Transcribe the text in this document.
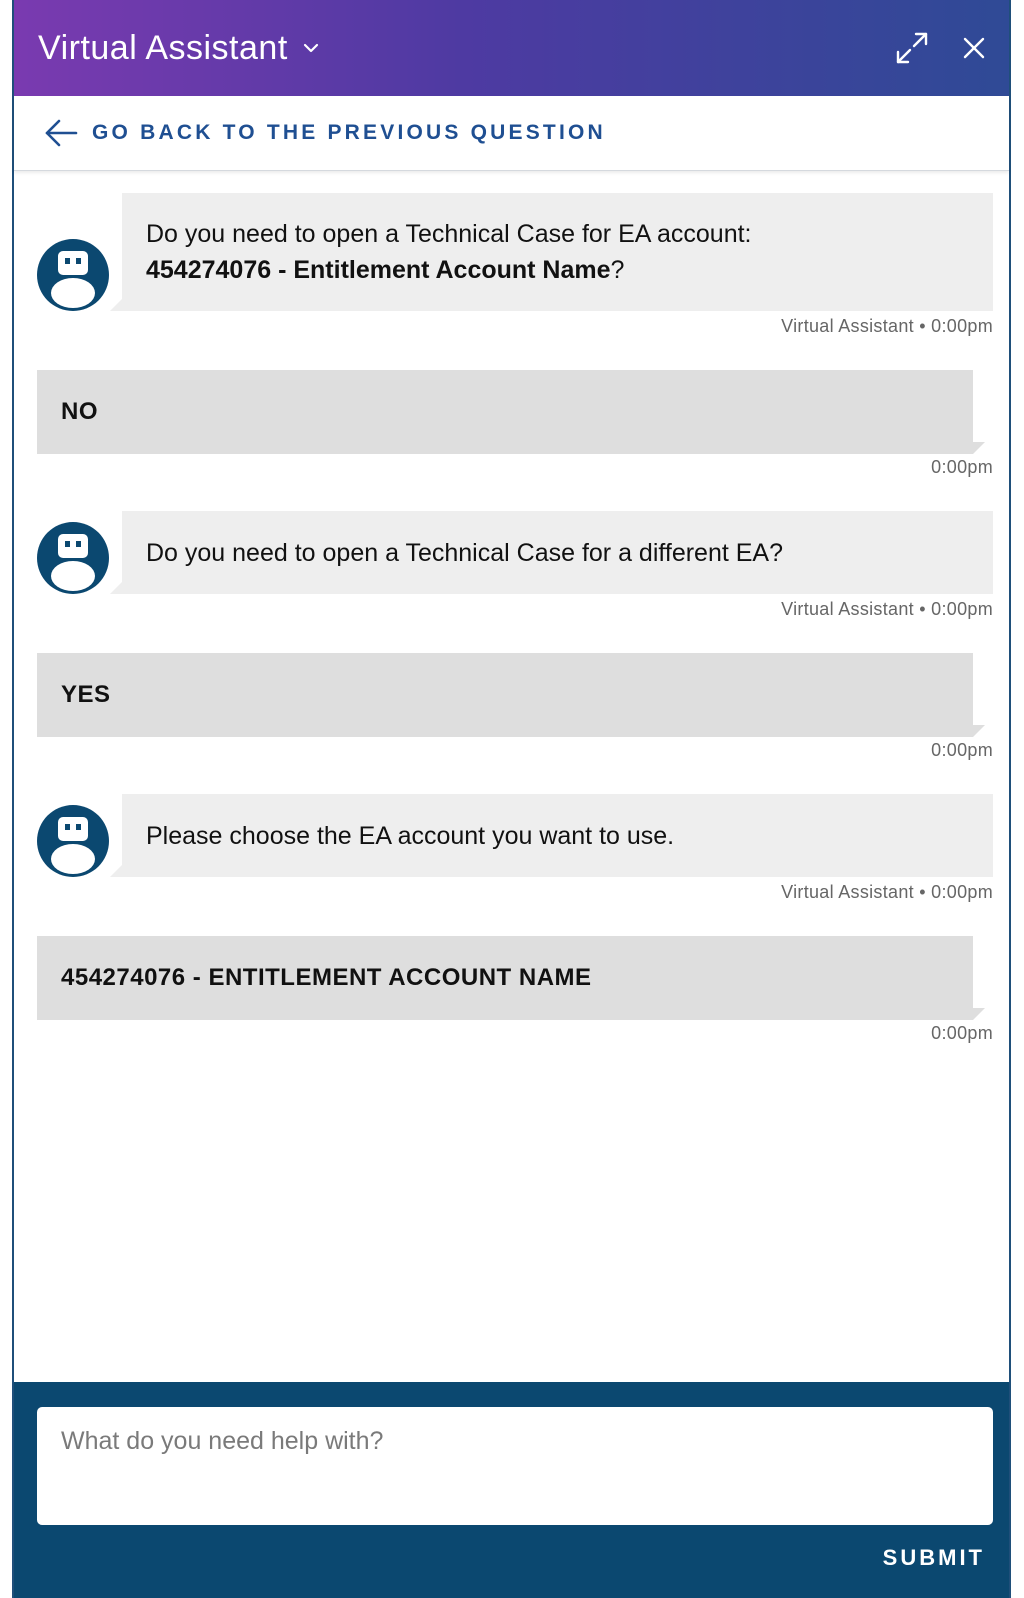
Virtual Assistant
GO BACK TO THE PREVIOUS QUESTION
Do you need to open a Technical Case for EA account:
454274076 - Entitlement Account Name?
Virtual Assistant • 0:00pm
NO
0:00pm
Do you need to open a Technical Case for a different EA?
Virtual Assistant • 0:00pm
YES
0:00pm
Please choose the EA account you want to use.
Virtual Assistant • 0:00pm
454274076 - ENTITLEMENT ACCOUNT NAME
0:00pm
What do you need help with?
SUBMIT
